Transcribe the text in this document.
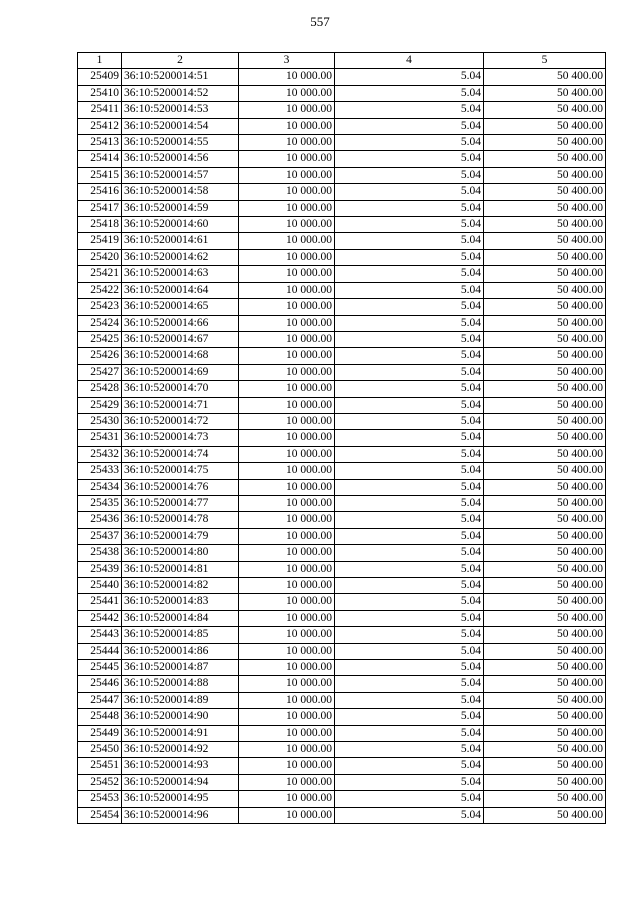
557
1	2	3	4	5
25409	36:10:5200014:51	10 000.00	5.04	50 400.00
25410	36:10:5200014:52	10 000.00	5.04	50 400.00
25411	36:10:5200014:53	10 000.00	5.04	50 400.00
25412	36:10:5200014:54	10 000.00	5.04	50 400.00
25413	36:10:5200014:55	10 000.00	5.04	50 400.00
25414	36:10:5200014:56	10 000.00	5.04	50 400.00
25415	36:10:5200014:57	10 000.00	5.04	50 400.00
25416	36:10:5200014:58	10 000.00	5.04	50 400.00
25417	36:10:5200014:59	10 000.00	5.04	50 400.00
25418	36:10:5200014:60	10 000.00	5.04	50 400.00
25419	36:10:5200014:61	10 000.00	5.04	50 400.00
25420	36:10:5200014:62	10 000.00	5.04	50 400.00
25421	36:10:5200014:63	10 000.00	5.04	50 400.00
25422	36:10:5200014:64	10 000.00	5.04	50 400.00
25423	36:10:5200014:65	10 000.00	5.04	50 400.00
25424	36:10:5200014:66	10 000.00	5.04	50 400.00
25425	36:10:5200014:67	10 000.00	5.04	50 400.00
25426	36:10:5200014:68	10 000.00	5.04	50 400.00
25427	36:10:5200014:69	10 000.00	5.04	50 400.00
25428	36:10:5200014:70	10 000.00	5.04	50 400.00
25429	36:10:5200014:71	10 000.00	5.04	50 400.00
25430	36:10:5200014:72	10 000.00	5.04	50 400.00
25431	36:10:5200014:73	10 000.00	5.04	50 400.00
25432	36:10:5200014:74	10 000.00	5.04	50 400.00
25433	36:10:5200014:75	10 000.00	5.04	50 400.00
25434	36:10:5200014:76	10 000.00	5.04	50 400.00
25435	36:10:5200014:77	10 000.00	5.04	50 400.00
25436	36:10:5200014:78	10 000.00	5.04	50 400.00
25437	36:10:5200014:79	10 000.00	5.04	50 400.00
25438	36:10:5200014:80	10 000.00	5.04	50 400.00
25439	36:10:5200014:81	10 000.00	5.04	50 400.00
25440	36:10:5200014:82	10 000.00	5.04	50 400.00
25441	36:10:5200014:83	10 000.00	5.04	50 400.00
25442	36:10:5200014:84	10 000.00	5.04	50 400.00
25443	36:10:5200014:85	10 000.00	5.04	50 400.00
25444	36:10:5200014:86	10 000.00	5.04	50 400.00
25445	36:10:5200014:87	10 000.00	5.04	50 400.00
25446	36:10:5200014:88	10 000.00	5.04	50 400.00
25447	36:10:5200014:89	10 000.00	5.04	50 400.00
25448	36:10:5200014:90	10 000.00	5.04	50 400.00
25449	36:10:5200014:91	10 000.00	5.04	50 400.00
25450	36:10:5200014:92	10 000.00	5.04	50 400.00
25451	36:10:5200014:93	10 000.00	5.04	50 400.00
25452	36:10:5200014:94	10 000.00	5.04	50 400.00
25453	36:10:5200014:95	10 000.00	5.04	50 400.00
25454	36:10:5200014:96	10 000.00	5.04	50 400.00
